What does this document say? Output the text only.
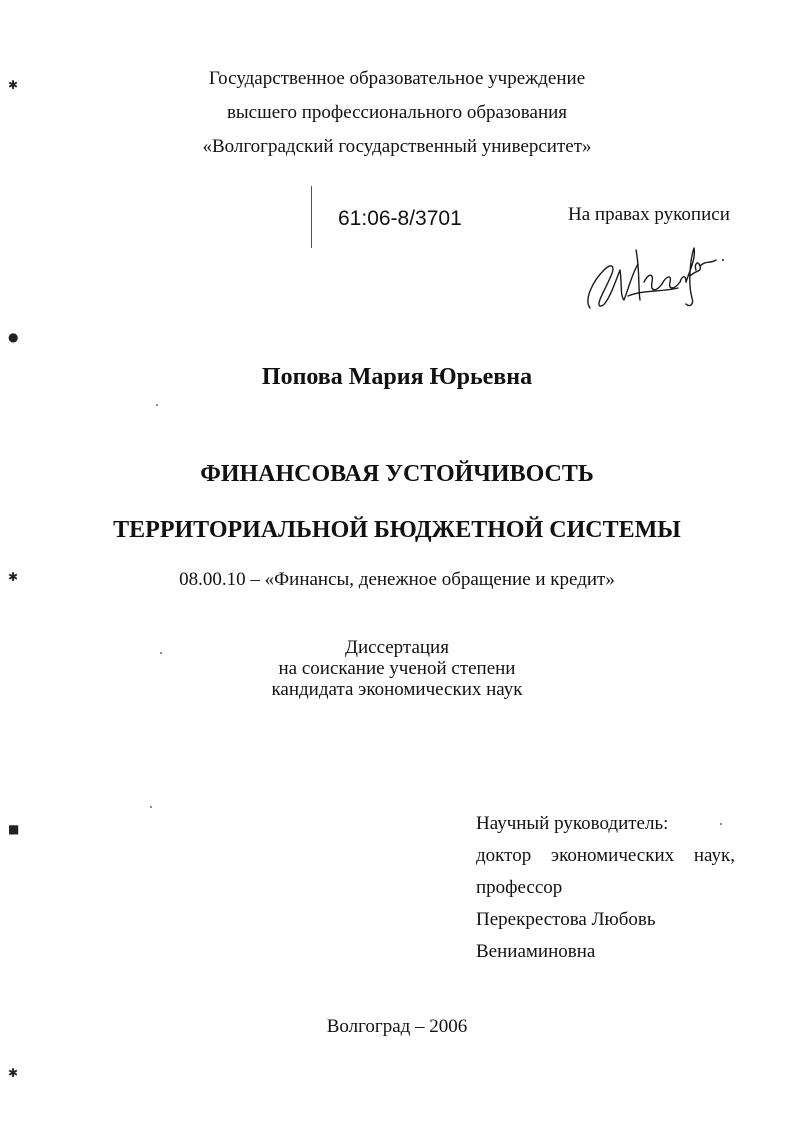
✱
●
✱
■
✱
Государственное образовательное учреждение
высшего профессионального образования
«Волгоградский государственный университет»
61:06-8/3701	На правах рукописи
Попова Мария Юрьевна
ФИНАНСОВАЯ УСТОЙЧИВОСТЬ
ТЕРРИТОРИАЛЬНОЙ БЮДЖЕТНОЙ СИСТЕМЫ
08.00.10 – «Финансы, денежное обращение и кредит»
Диссертация
на соискание ученой степени
кандидата экономических наук
Научный руководитель:
доктор экономических наук,
профессор
Перекрестова Любовь
Вениаминовна
Волгоград – 2006
